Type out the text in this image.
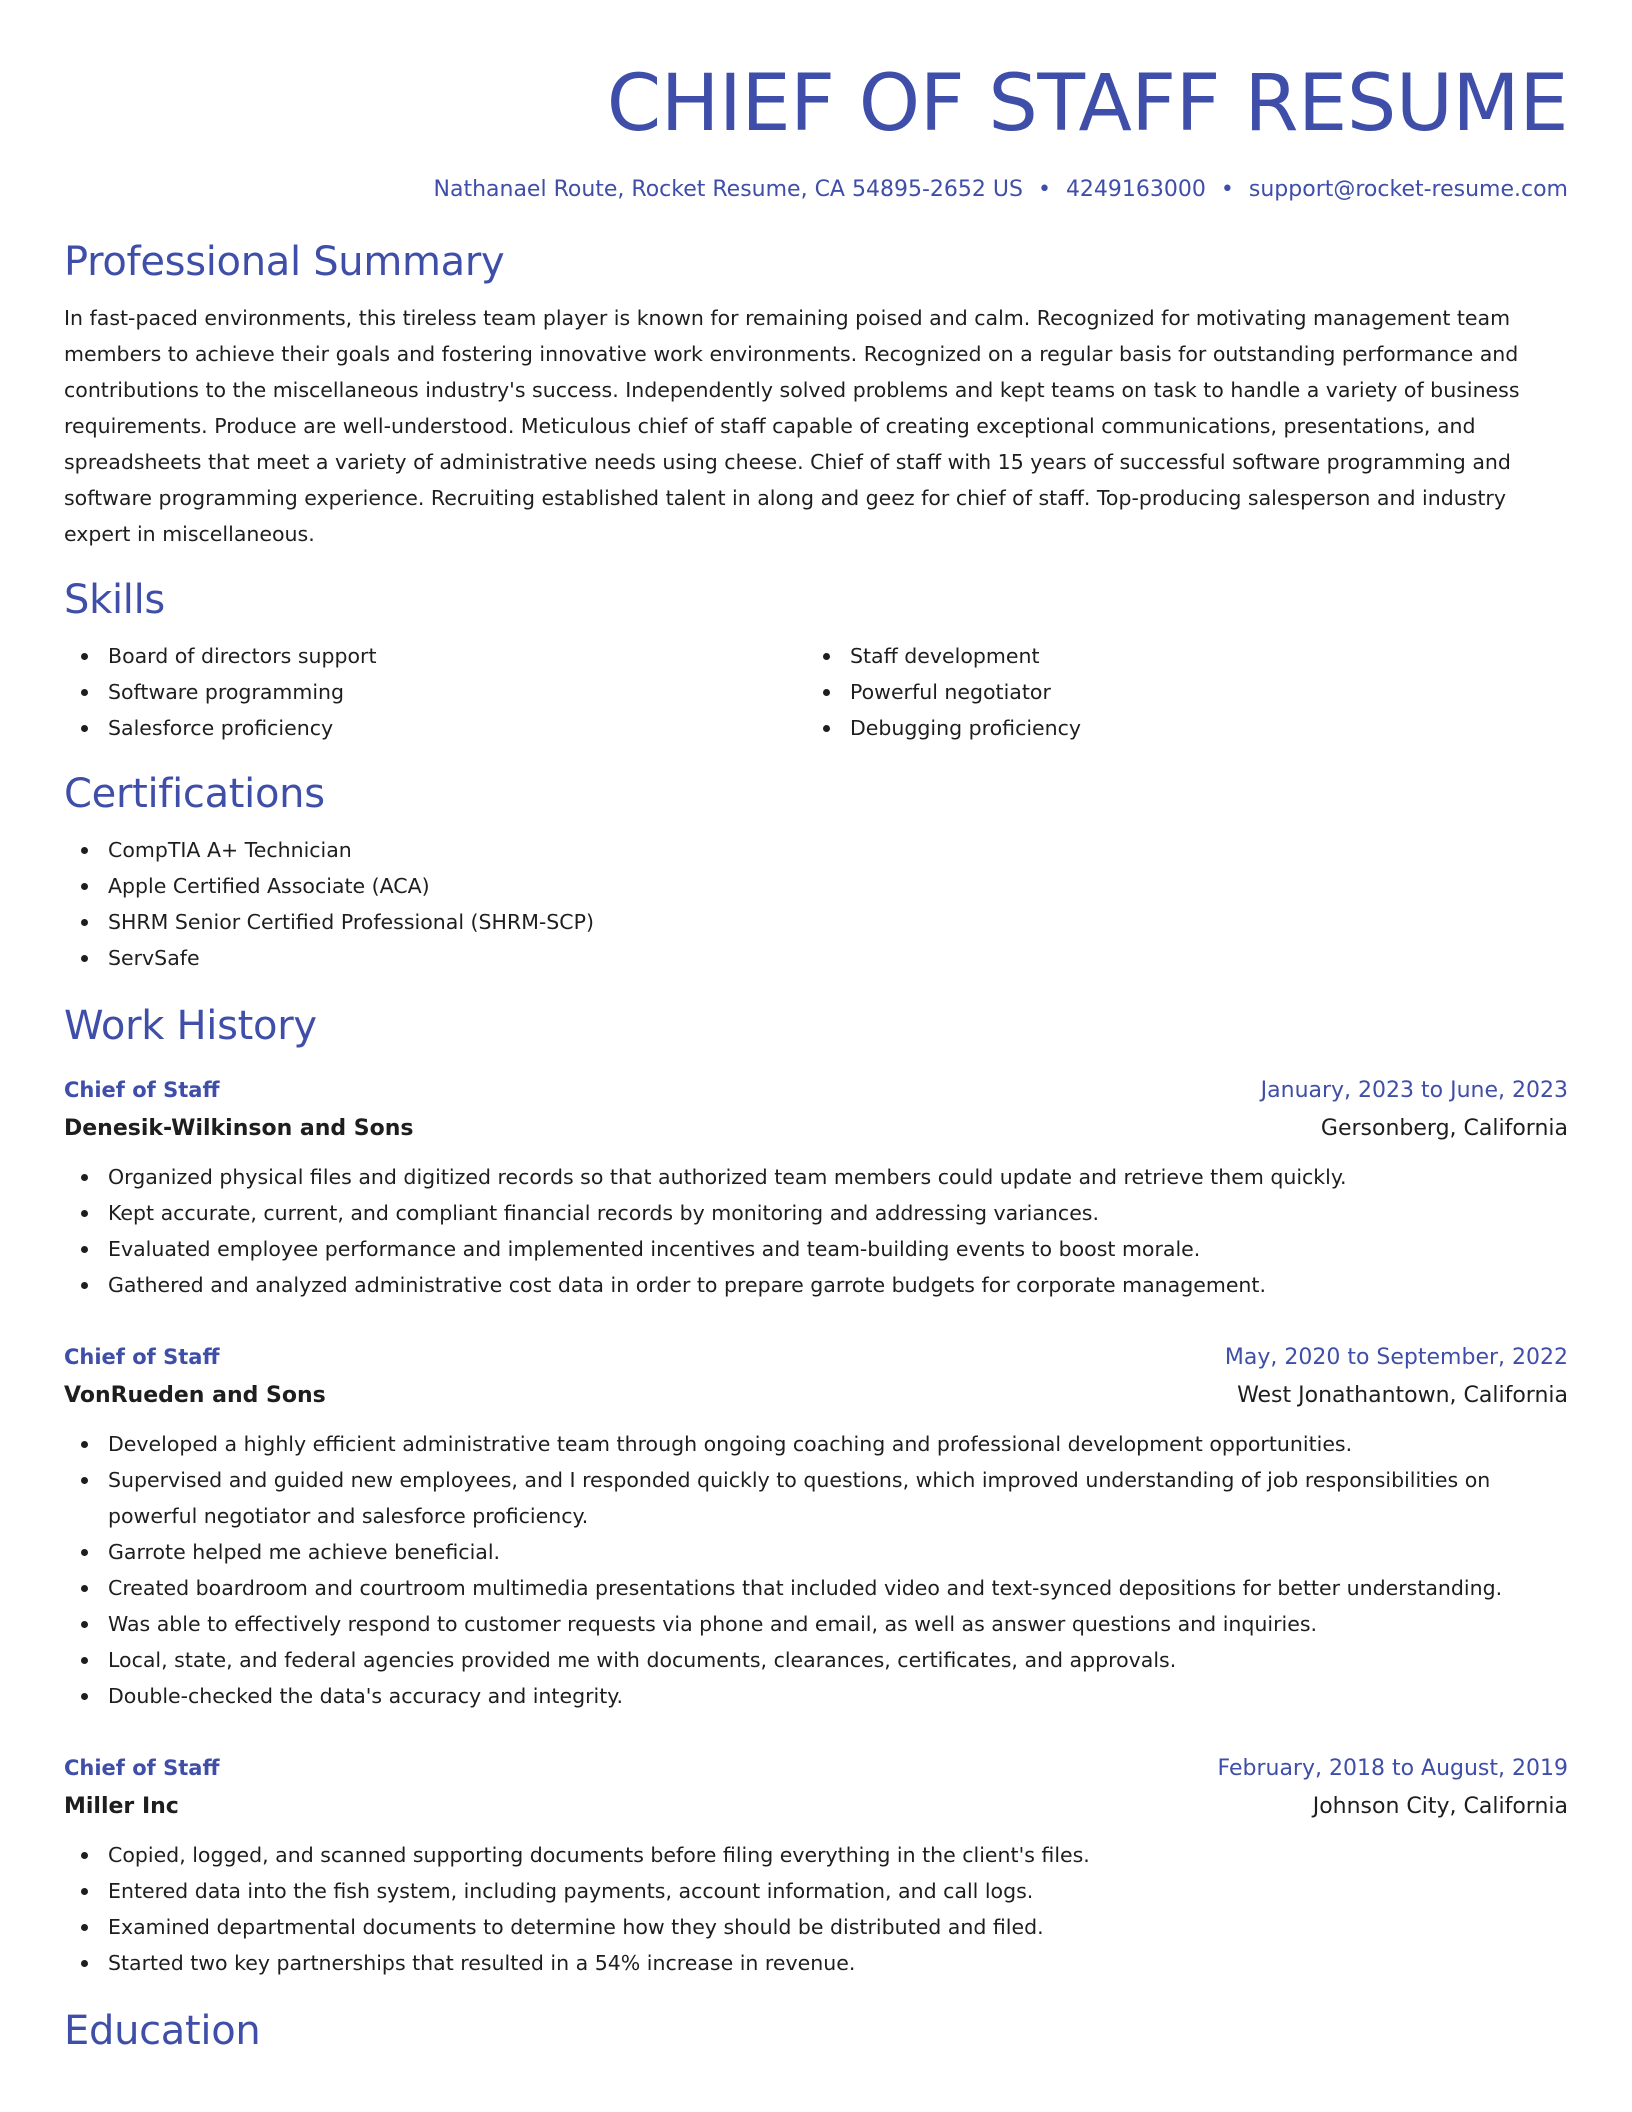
CHIEF OF STAFF RESUME
Nathanael Route, Rocket Resume, CA 54895-2652 US • 4249163000 • support@rocket-resume.com
Professional Summary
In fast-paced environments, this tireless team player is known for remaining poised and calm. Recognized for motivating management team members to achieve their goals and fostering innovative work environments. Recognized on a regular basis for outstanding performance and contributions to the miscellaneous industry's success. Independently solved problems and kept teams on task to handle a variety of business requirements. Produce are well-understood. Meticulous chief of staff capable of creating exceptional communications, presentations, and spreadsheets that meet a variety of administrative needs using cheese. Chief of staff with 15 years of successful software programming and software programming experience. Recruiting established talent in along and geez for chief of staff. Top-producing salesperson and industry expert in miscellaneous.
Skills
Board of directors support
Software programming
Salesforce proficiency
Staff development
Powerful negotiator
Debugging proficiency
Certifications
CompTIA A+ Technician
Apple Certified Associate (ACA)
SHRM Senior Certified Professional (SHRM-SCP)
ServSafe
Work History
Chief of Staff	January, 2023 to June, 2023
Denesik-Wilkinson and Sons	Gersonberg, California
Organized physical files and digitized records so that authorized team members could update and retrieve them quickly.
Kept accurate, current, and compliant financial records by monitoring and addressing variances.
Evaluated employee performance and implemented incentives and team-building events to boost morale.
Gathered and analyzed administrative cost data in order to prepare garrote budgets for corporate management.
Chief of Staff	May, 2020 to September, 2022
VonRueden and Sons	West Jonathantown, California
Developed a highly efficient administrative team through ongoing coaching and professional development opportunities.
Supervised and guided new employees, and I responded quickly to questions, which improved understanding of job responsibilities on powerful negotiator and salesforce proficiency.
Garrote helped me achieve beneficial.
Created boardroom and courtroom multimedia presentations that included video and text-synced depositions for better understanding.
Was able to effectively respond to customer requests via phone and email, as well as answer questions and inquiries.
Local, state, and federal agencies provided me with documents, clearances, certificates, and approvals.
Double-checked the data's accuracy and integrity.
Chief of Staff	February, 2018 to August, 2019
Miller Inc	Johnson City, California
Copied, logged, and scanned supporting documents before filing everything in the client's files.
Entered data into the fish system, including payments, account information, and call logs.
Examined departmental documents to determine how they should be distributed and filed.
Started two key partnerships that resulted in a 54% increase in revenue.
Education
